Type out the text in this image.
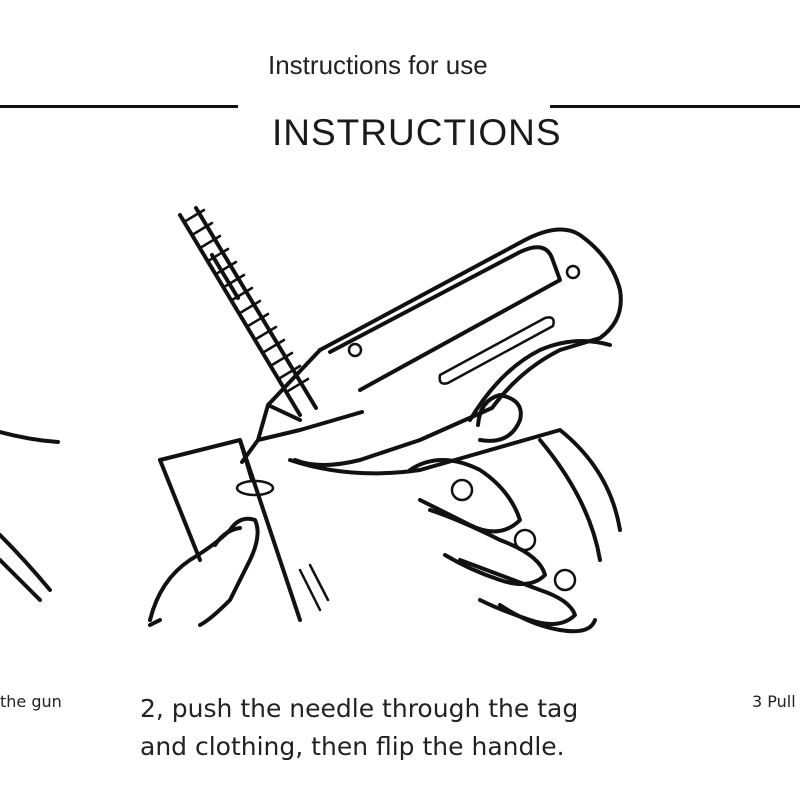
Instructions for use
INSTRUCTIONS
the gun	2, push the needle through the tag and clothing, then flip the handle.
3 Pull
